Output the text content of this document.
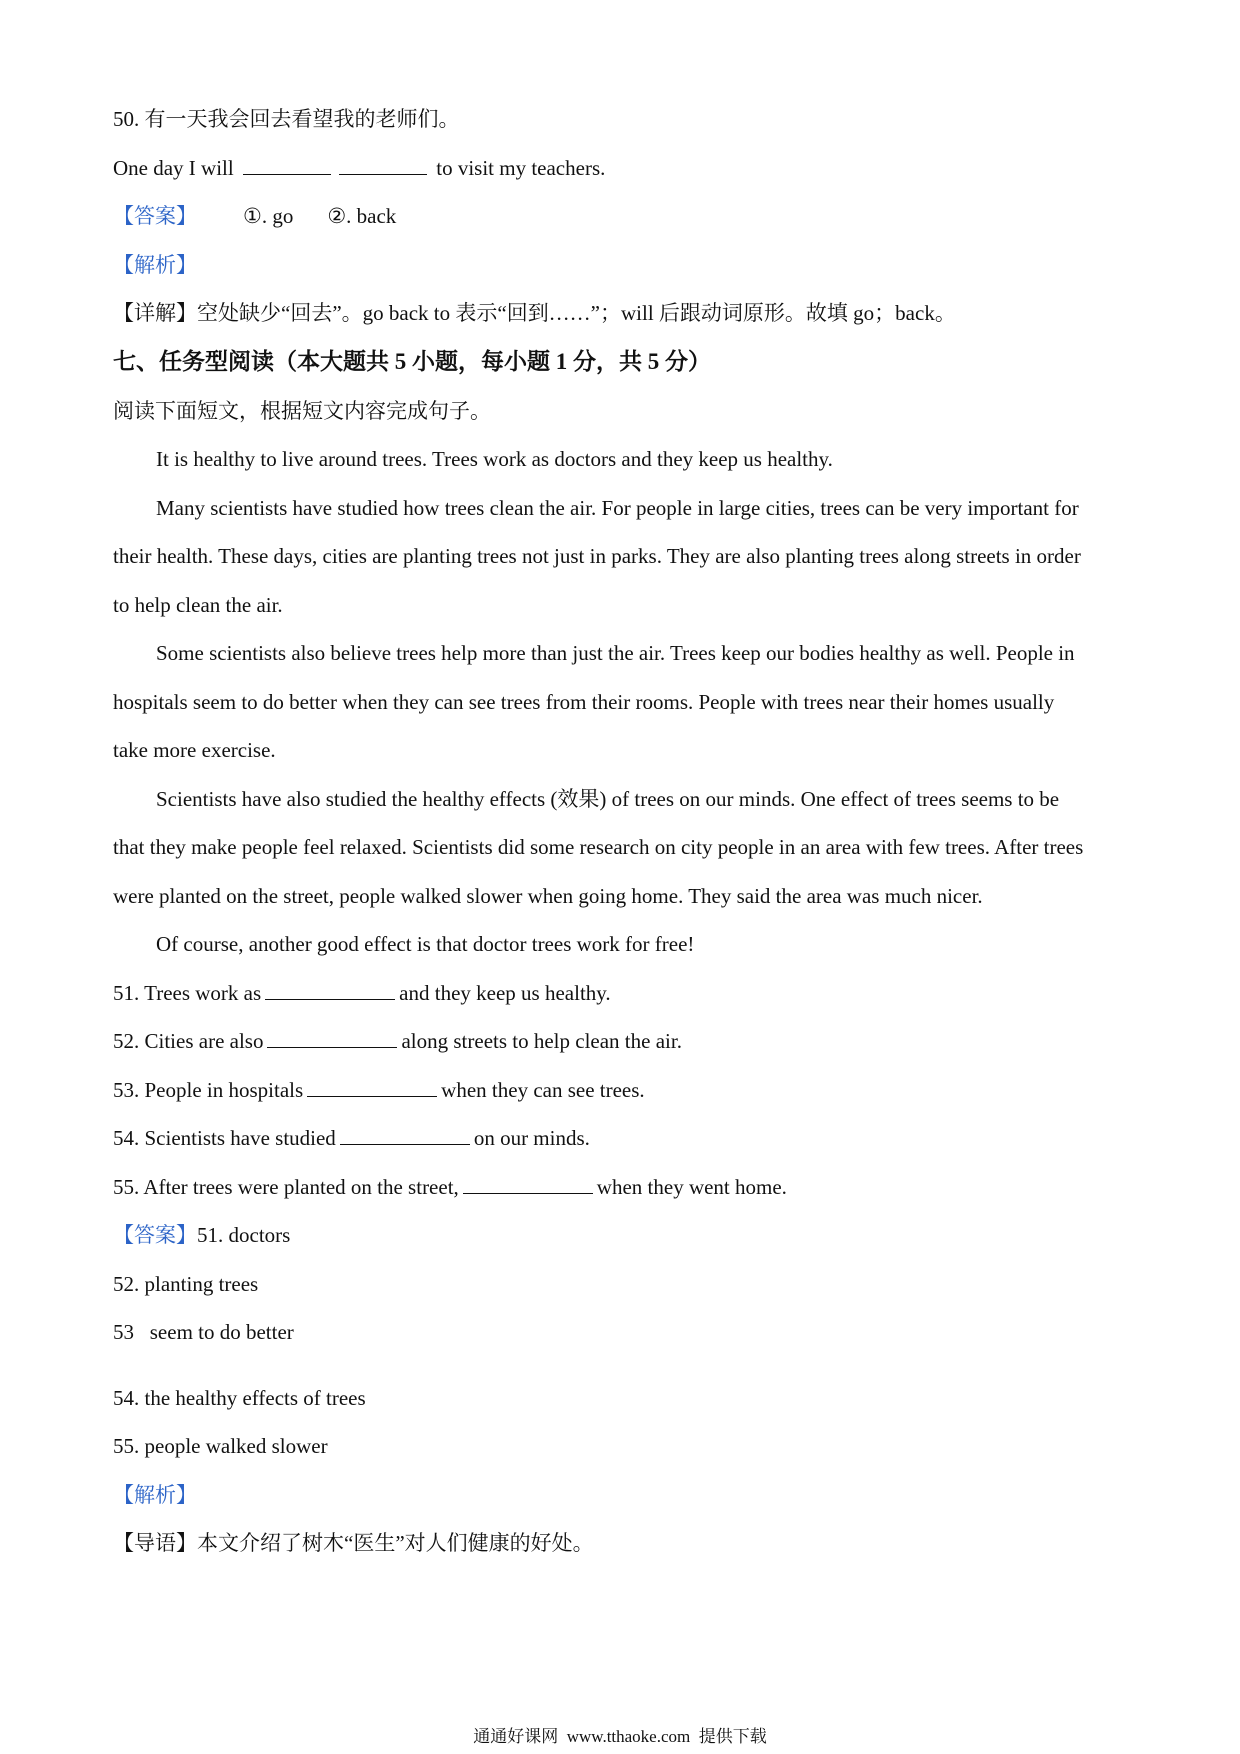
50. 有一天我会回去看望我的老师们。
One day I will	to visit my teachers.
【答案】 ①. go ②. back
【解析】
【详解】空处缺少“回去”。go back to 表示“回到……”；will 后跟动词原形。故填 go；back。
七、任务型阅读（本大题共 5 小题，每小题 1 分，共 5 分）
阅读下面短文，根据短文内容完成句子。
It is healthy to live around trees. Trees work as doctors and they keep us healthy.
Many scientists have studied how trees clean the air. For people in large cities, trees can be very important for
their health. These days, cities are planting trees not just in parks. They are also planting trees along streets in order
to help clean the air.
Some scientists also believe trees help more than just the air. Trees keep our bodies healthy as well. People in
hospitals seem to do better when they can see trees from their rooms. People with trees near their homes usually
take more exercise.
Scientists have also studied the healthy effects (效果) of trees on our minds. One effect of trees seems to be
that they make people feel relaxed. Scientists did some research on city people in an area with few trees. After trees
were planted on the street, people walked slower when going home. They said the area was much nicer.
Of course, another good effect is that doctor trees work for free!
51. Trees work as	and they keep us healthy.
52. Cities are also	along streets to help clean the air.
53. People in hospitals	when they can see trees.
54. Scientists have studied	on our minds.
55. After trees were planted on the street,	when they went home.
【答案】51. doctors
52. planting trees
53   seem to do better
54. the healthy effects of trees
55. people walked slower
【解析】
【导语】本文介绍了树木“医生”对人们健康的好处。
通通好课网  www.tthaoke.com  提供下载
